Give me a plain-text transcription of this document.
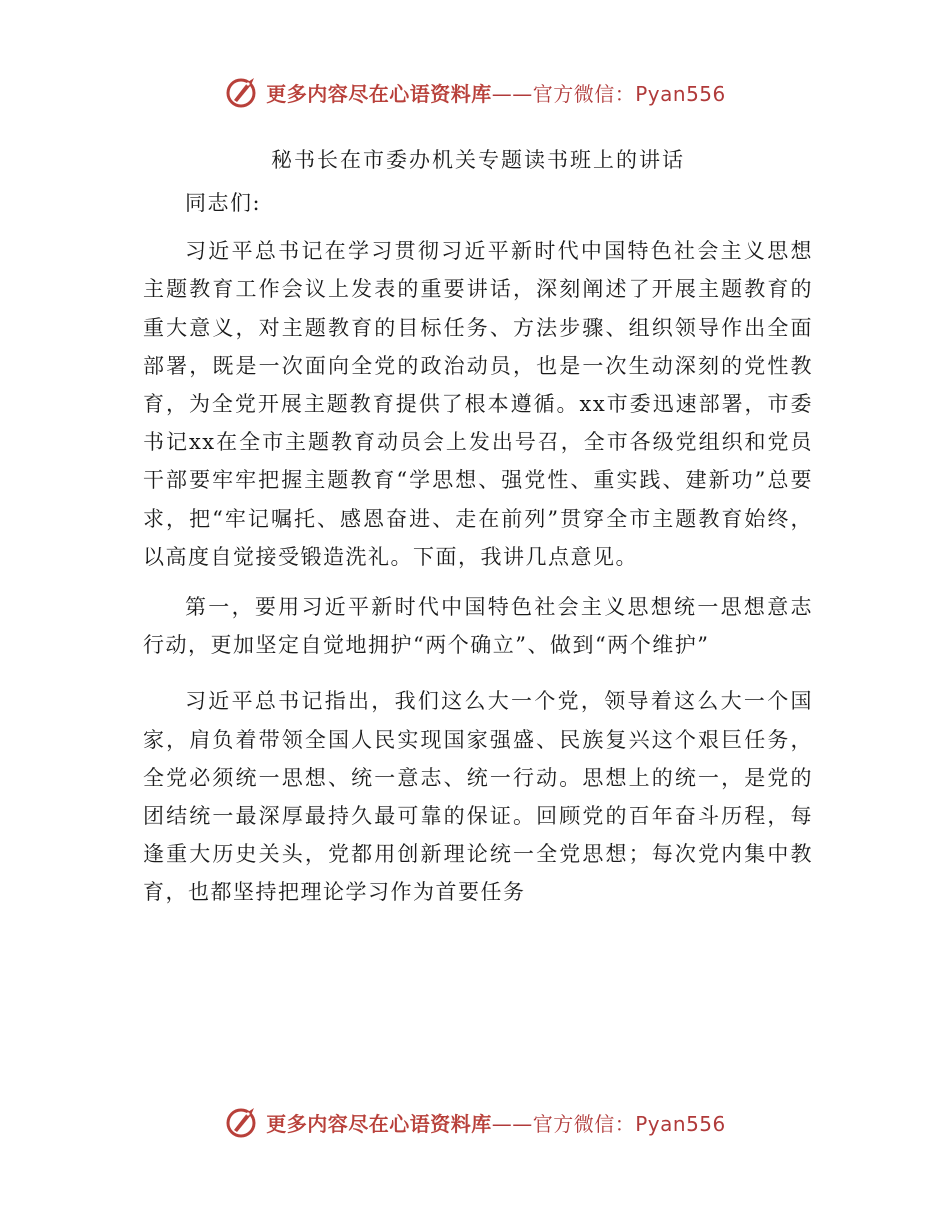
更多内容尽在心语资料库——官方微信：Pyan556
秘书长在市委办机关专题读书班上的讲话

同志们:

习近平总书记在学习贯彻习近平新时代中国特色社会主义思想主题教育工作会议上发表的重要讲话，深刻阐述了开展主题教育的重大意义，对主题教育的目标任务、方法步骤、组织领导作出全面部署，既是一次面向全党的政治动员，也是一次生动深刻的党性教育，为全党开展主题教育提供了根本遵循。xx市委迅速部署，市委书记xx在全市主题教育动员会上发出号召，全市各级党组织和党员干部要牢牢把握主题教育“学思想、强党性、重实践、建新功”总要求，把“牢记嘱托、感恩奋进、走在前列”贯穿全市主题教育始终，以高度自觉接受锻造洗礼。下面，我讲几点意见。

第一，要用习近平新时代中国特色社会主义思想统一思想意志行动，更加坚定自觉地拥护“两个确立”、做到“两个维护”

习近平总书记指出，我们这么大一个党，领导着这么大一个国家，肩负着带领全国人民实现国家强盛、民族复兴这个艰巨任务，全党必须统一思想、统一意志、统一行动。思想上的统一，是党的团结统一最深厚最持久最可靠的保证。回顾党的百年奋斗历程，每逢重大历史关头，党都用创新理论统一全党思想；每次党内集中教育，也都坚持把理论学习作为首要任务

更多内容尽在心语资料库——官方微信：Pyan556
